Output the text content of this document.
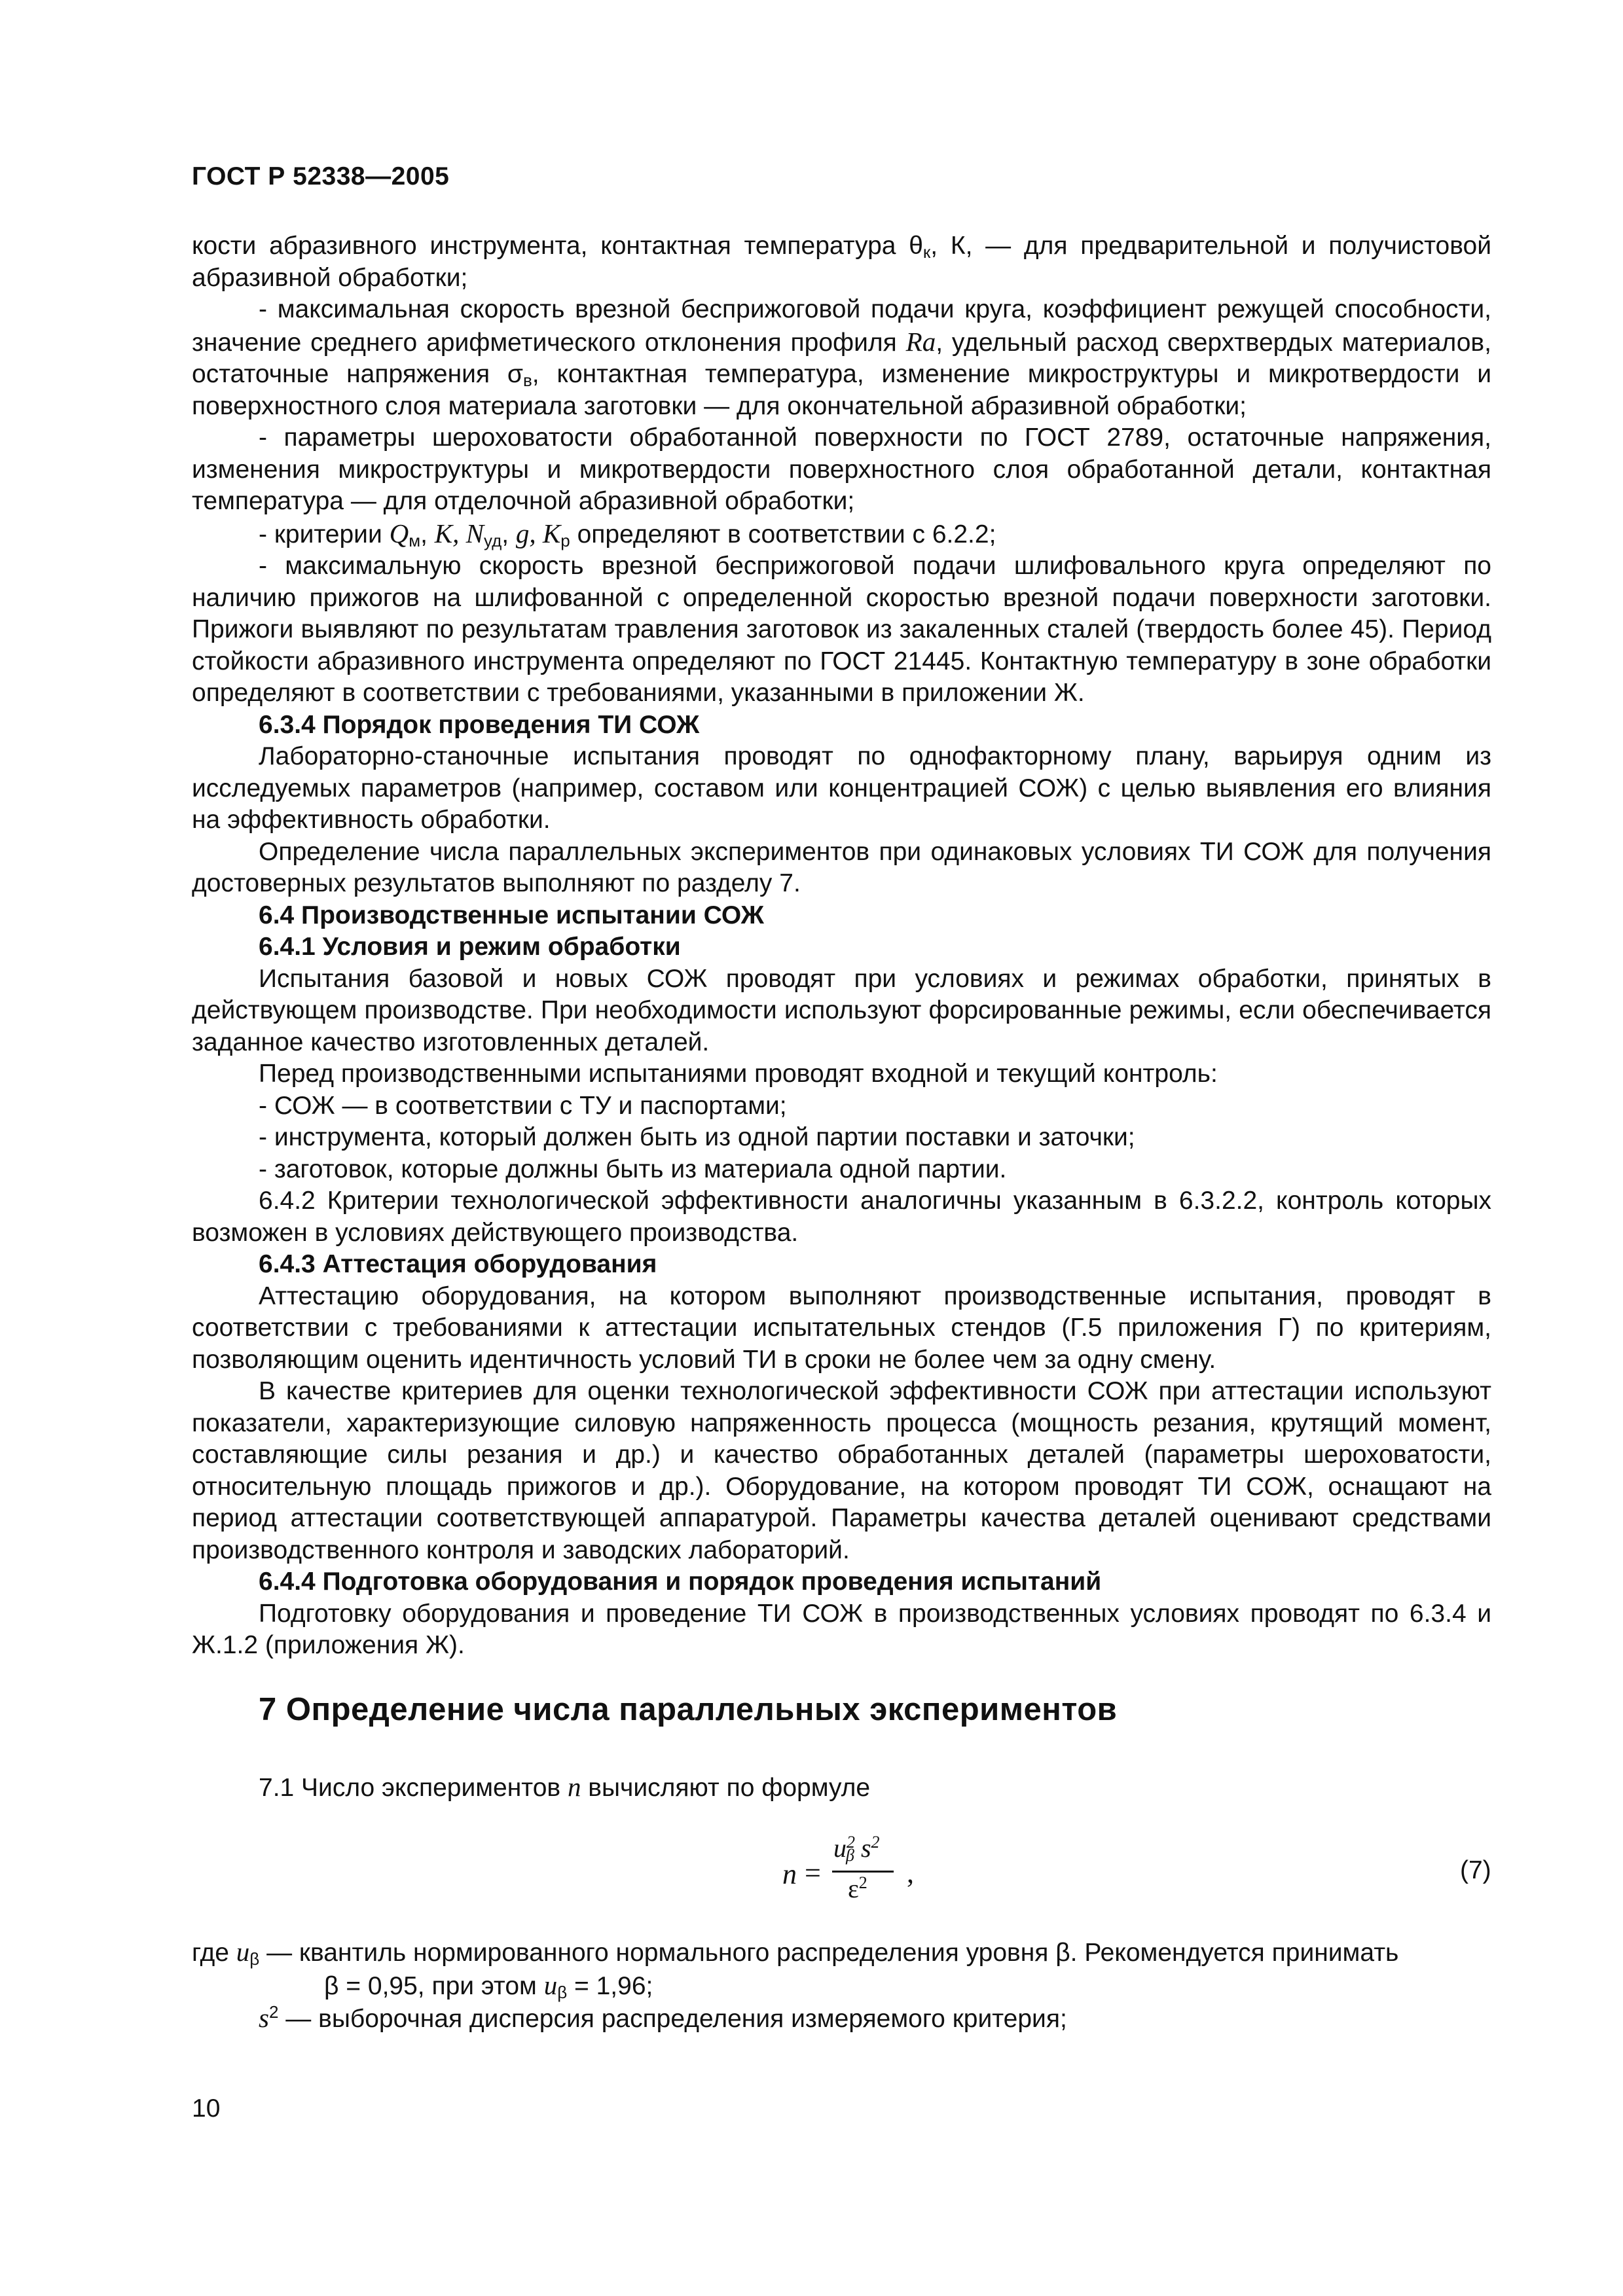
ГОСТ Р 52338—2005

кости абразивного инструмента, контактная температура $\theta_к$, К, — для предварительной и получистовой абразивной обработки;

- максимальная скорость врезной бесприжоговой подачи круга, коэффициент режущей способности, значение среднего арифметического отклонения профиля Ra, удельный расход сверхтвердых материалов, остаточные напряжения $\sigma_в$, контактная температура, изменение микроструктуры и микротвердости и поверхностного слоя материала заготовки — для окончательной абразивной обработки;

- параметры шероховатости обработанной поверхности по ГОСТ 2789, остаточные напряжения, изменения микроструктуры и микротвердости поверхностного слоя обработанной детали, контактная температура — для отделочной абразивной обработки;

- критерии $Q_м$, K, $N_{уд}$, g, $K_р$ определяют в соответствии с 6.2.2;

- максимальную скорость врезной бесприжоговой подачи шлифовального круга определяют по наличию прижогов на шлифованной с определенной скоростью врезной подачи поверхности заготовки. Прижоги выявляют по результатам травления заготовок из закаленных сталей (твердость более 45). Период стойкости абразивного инструмента определяют по ГОСТ 21445. Контактную температуру в зоне обработки определяют в соответствии с требованиями, указанными в приложении Ж.

6.3.4 Порядок проведения ТИ СОЖ

Лабораторно-станочные испытания проводят по однофакторному плану, варьируя одним из исследуемых параметров (например, составом или концентрацией СОЖ) с целью выявления его влияния на эффективность обработки.

Определение числа параллельных экспериментов при одинаковых условиях ТИ СОЖ для получения достоверных результатов выполняют по разделу 7.

6.4 Производственные испытании СОЖ

6.4.1 Условия и режим обработки

Испытания базовой и новых СОЖ проводят при условиях и режимах обработки, принятых в действующем производстве. При необходимости используют форсированные режимы, если обеспечивается заданное качество изготовленных деталей.

Перед производственными испытаниями проводят входной и текущий контроль:

- СОЖ — в соответствии с ТУ и паспортами;

- инструмента, который должен быть из одной партии поставки и заточки;

- заготовок, которые должны быть из материала одной партии.

6.4.2 Критерии технологической эффективности аналогичны указанным в 6.3.2.2, контроль которых возможен в условиях действующего производства.

6.4.3 Аттестация оборудования

Аттестацию оборудования, на котором выполняют производственные испытания, проводят в соответствии с требованиями к аттестации испытательных стендов (Г.5 приложения Г) по критериям, позволяющим оценить идентичность условий ТИ в сроки не более чем за одну смену.

В качестве критериев для оценки технологической эффективности СОЖ при аттестации используют показатели, характеризующие силовую напряженность процесса (мощность резания, крутящий момент, составляющие силы резания и др.) и качество обработанных деталей (параметры шероховатости, относительную площадь прижогов и др.). Оборудование, на котором проводят ТИ СОЖ, оснащают на период аттестации соответствующей аппаратурой. Параметры качества деталей оценивают средствами производственного контроля и заводских лабораторий.

6.4.4 Подготовка оборудования и порядок проведения испытаний

Подготовку оборудования и проведение ТИ СОЖ в производственных условиях проводят по 6.3.4 и Ж.1.2 (приложения Ж).

7 Определение числа параллельных экспериментов
7.1 Число экспериментов n вычисляют по формуле
n =
$u^2_\beta$ $s^2$
$\varepsilon^2$ ,	(7)

где $u_\beta$ — квантиль нормированного нормального распределения уровня β. Рекомендуется принимать

β = 0,95, при этом $u_\beta = 1,96$;

$s^2$ — выборочная дисперсия распределения измеряемого критерия;

10
